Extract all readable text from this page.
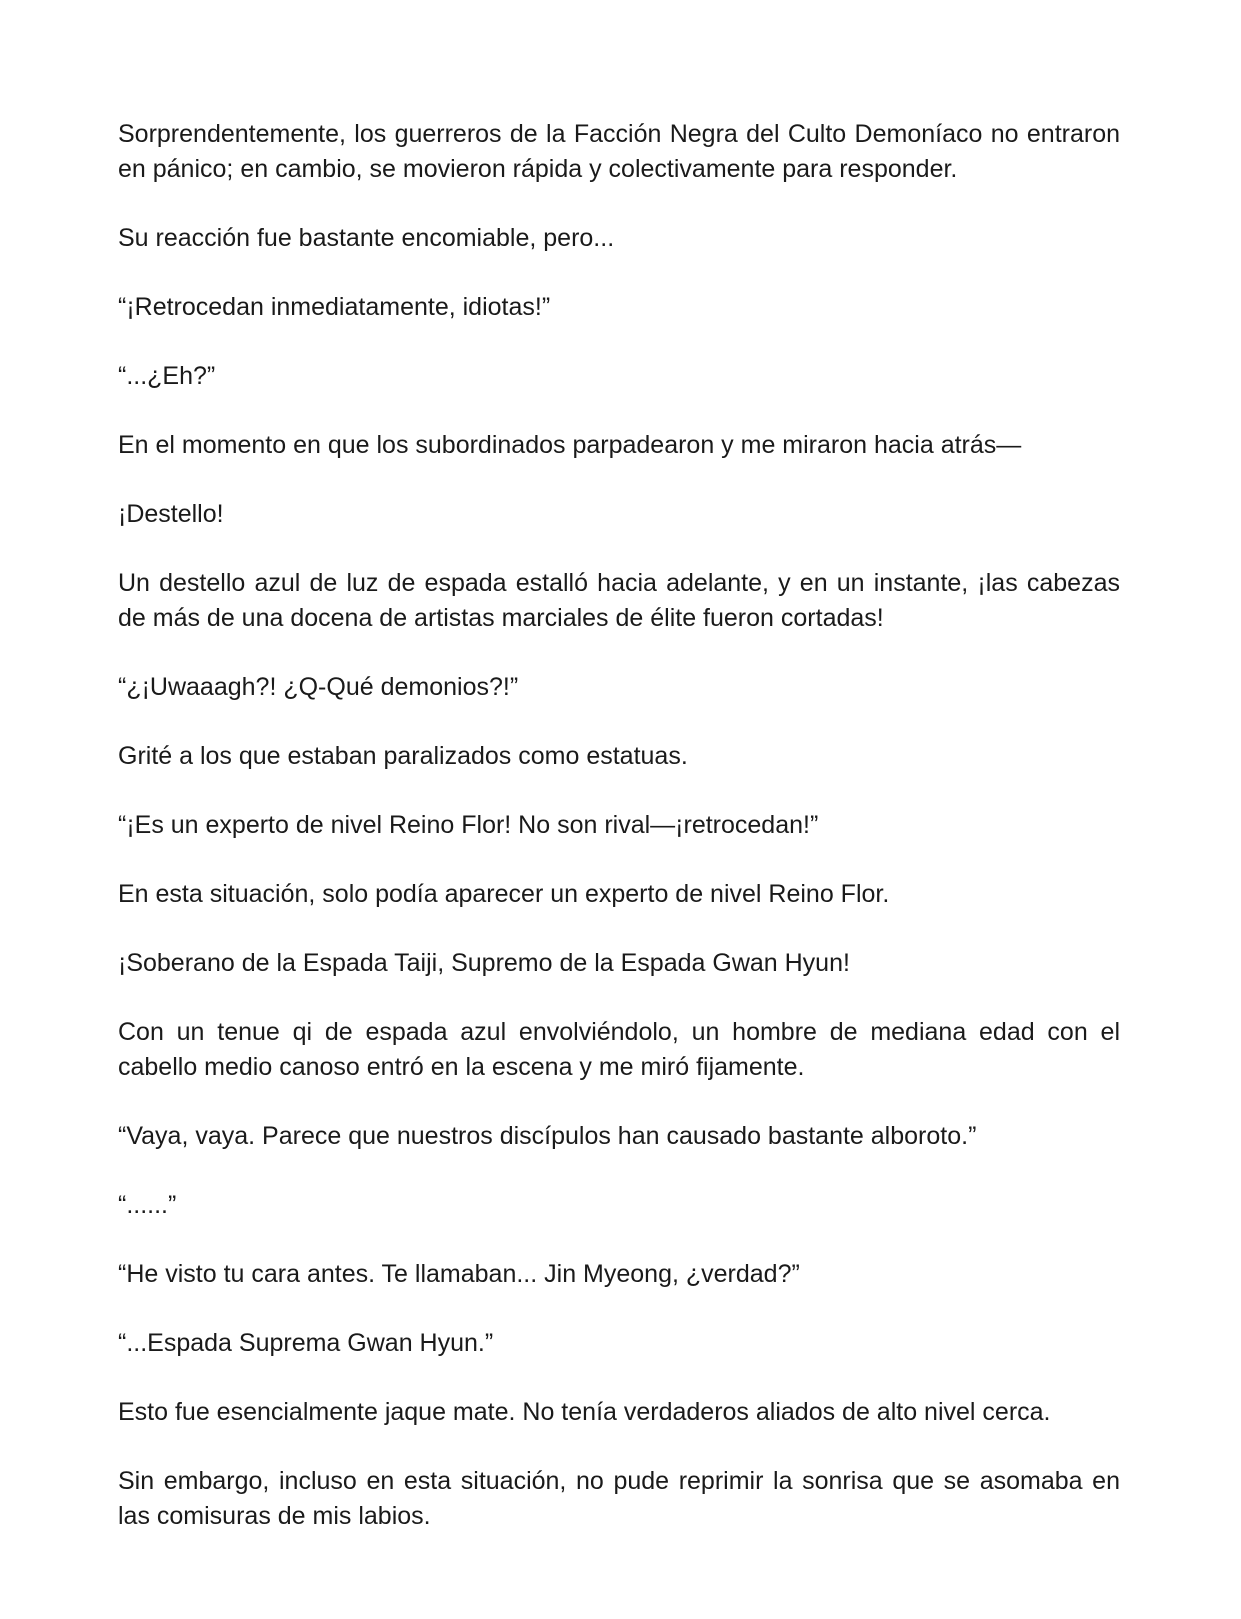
Sorprendentemente, los guerreros de la Facción Negra del Culto Demoníaco no entraron en pánico; en cambio, se movieron rápida y colectivamente para responder.

Su reacción fue bastante encomiable, pero...

“¡Retrocedan inmediatamente, idiotas!”

“...¿Eh?”

En el momento en que los subordinados parpadearon y me miraron hacia atrás—

¡Destello!

Un destello azul de luz de espada estalló hacia adelante, y en un instante, ¡las cabezas de más de una docena de artistas marciales de élite fueron cortadas!

“¿¡Uwaaagh?! ¿Q-Qué demonios?!”

Grité a los que estaban paralizados como estatuas.

“¡Es un experto de nivel Reino Flor! No son rival—¡retrocedan!”

En esta situación, solo podía aparecer un experto de nivel Reino Flor.

¡Soberano de la Espada Taiji, Supremo de la Espada Gwan Hyun!

Con un tenue qi de espada azul envolviéndolo, un hombre de mediana edad con el cabello medio canoso entró en la escena y me miró fijamente.

“Vaya, vaya. Parece que nuestros discípulos han causado bastante alboroto.”

“......”

“He visto tu cara antes. Te llamaban... Jin Myeong, ¿verdad?”

“...Espada Suprema Gwan Hyun.”

Esto fue esencialmente jaque mate. No tenía verdaderos aliados de alto nivel cerca.

Sin embargo, incluso en esta situación, no pude reprimir la sonrisa que se asomaba en las comisuras de mis labios.
